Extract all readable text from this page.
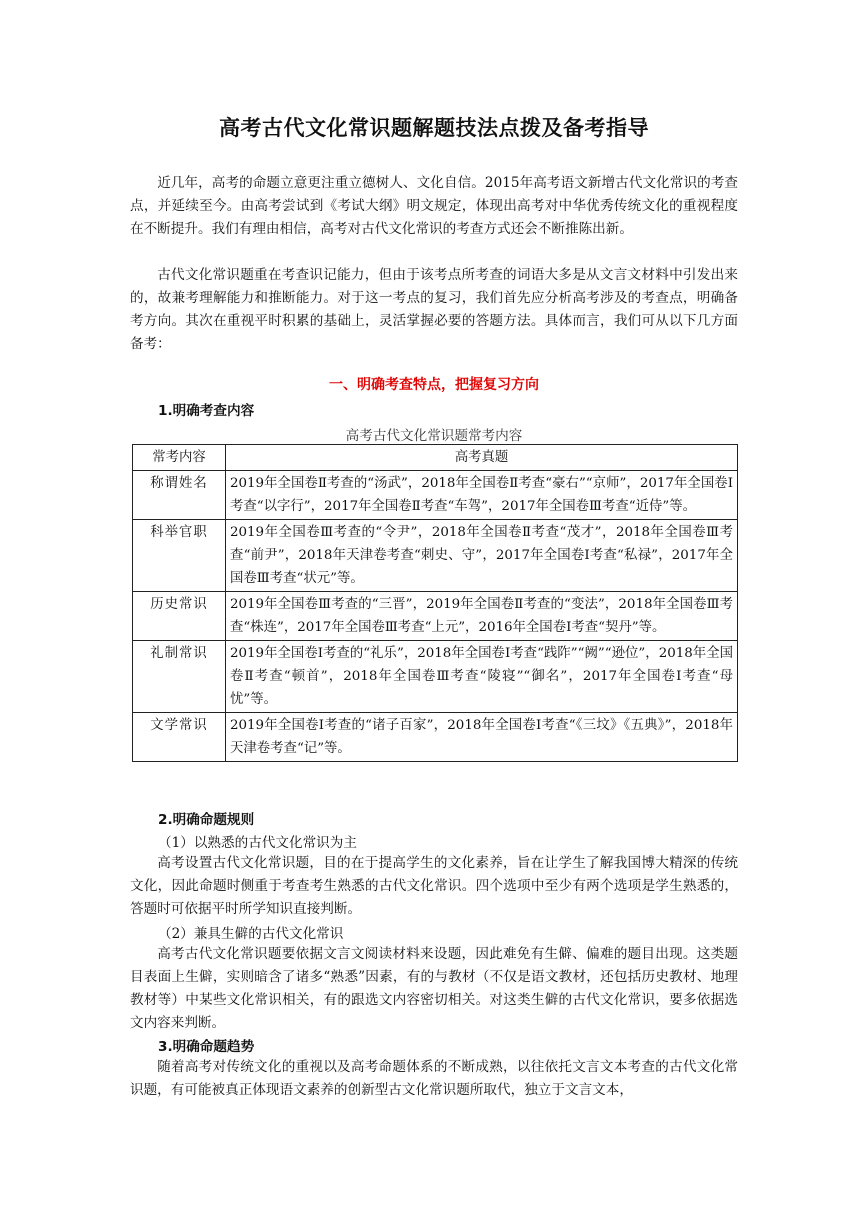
高考古代文化常识题解题技法点拨及备考指导

近几年，高考的命题立意更注重立德树人、文化自信。2015年高考语文新增古代文化常识的考查点，并延续至今。由高考尝试到《考试大纲》明文规定，体现出高考对中华优秀传统文化的重视程度在不断提升。我们有理由相信，高考对古代文化常识的考查方式还会不断推陈出新。

古代文化常识题重在考查识记能力，但由于该考点所考查的词语大多是从文言文材料中引发出来的，故兼考理解能力和推断能力。对于这一考点的复习，我们首先应分析高考涉及的考查点，明确备考方向。其次在重视平时积累的基础上，灵活掌握必要的答题方法。具体而言，我们可从以下几方面备考：

一、明确考查特点，把握复习方向
1.明确考查内容
高考古代文化常识题常考内容
常考内容	高考真题
称谓姓名	2019年全国卷Ⅱ考查的“汤武”，2018年全国卷Ⅱ考查“豪右”“京师”，2017年全国卷Ⅰ考查“以字行”，2017年全国卷Ⅱ考查“车驾”，2017年全国卷Ⅲ考查“近侍”等。
科举官职	2019年全国卷Ⅲ考查的“令尹”，2018年全国卷Ⅱ考查“茂才”，2018年全国卷Ⅲ考查“前尹”，2018年天津卷考查“刺史、守”，2017年全国卷Ⅰ考查“私禄”，2017年全国卷Ⅲ考查“状元”等。
历史常识	2019年全国卷Ⅲ考查的“三晋”，2019年全国卷Ⅱ考查的“变法”，2018年全国卷Ⅲ考查“株连”，2017年全国卷Ⅲ考查“上元”，2016年全国卷Ⅰ考查“契丹”等。
礼制常识	2019年全国卷Ⅰ考查的“礼乐”，2018年全国卷Ⅰ考查“践阼”“阙”“逊位”，2018年全国卷Ⅱ考查“顿首”，2018年全国卷Ⅲ考查“陵寝”“御名”，2017年全国卷Ⅰ考查“母忧”等。
文学常识	2019年全国卷Ⅰ考查的“诸子百家”，2018年全国卷Ⅰ考查“《三坟》《五典》”，2018年天津卷考查“记”等。
2.明确命题规则
（1）以熟悉的古代文化常识为主

高考设置古代文化常识题，目的在于提高学生的文化素养，旨在让学生了解我国博大精深的传统文化，因此命题时侧重于考查考生熟悉的古代文化常识。四个选项中至少有两个选项是学生熟悉的，答题时可依据平时所学知识直接判断。

（2）兼具生僻的古代文化常识

高考古代文化常识题要依据文言文阅读材料来设题，因此难免有生僻、偏难的题目出现。这类题目表面上生僻，实则暗含了诸多“熟悉”因素，有的与教材（不仅是语文教材，还包括历史教材、地理教材等）中某些文化常识相关，有的跟选文内容密切相关。对这类生僻的古代文化常识，要多依据选文内容来判断。

3.明确命题趋势

随着高考对传统文化的重视以及高考命题体系的不断成熟，以往依托文言文本考查的古代文化常识题，有可能被真正体现语文素养的创新型古文化常识题所取代，独立于文言文本，
